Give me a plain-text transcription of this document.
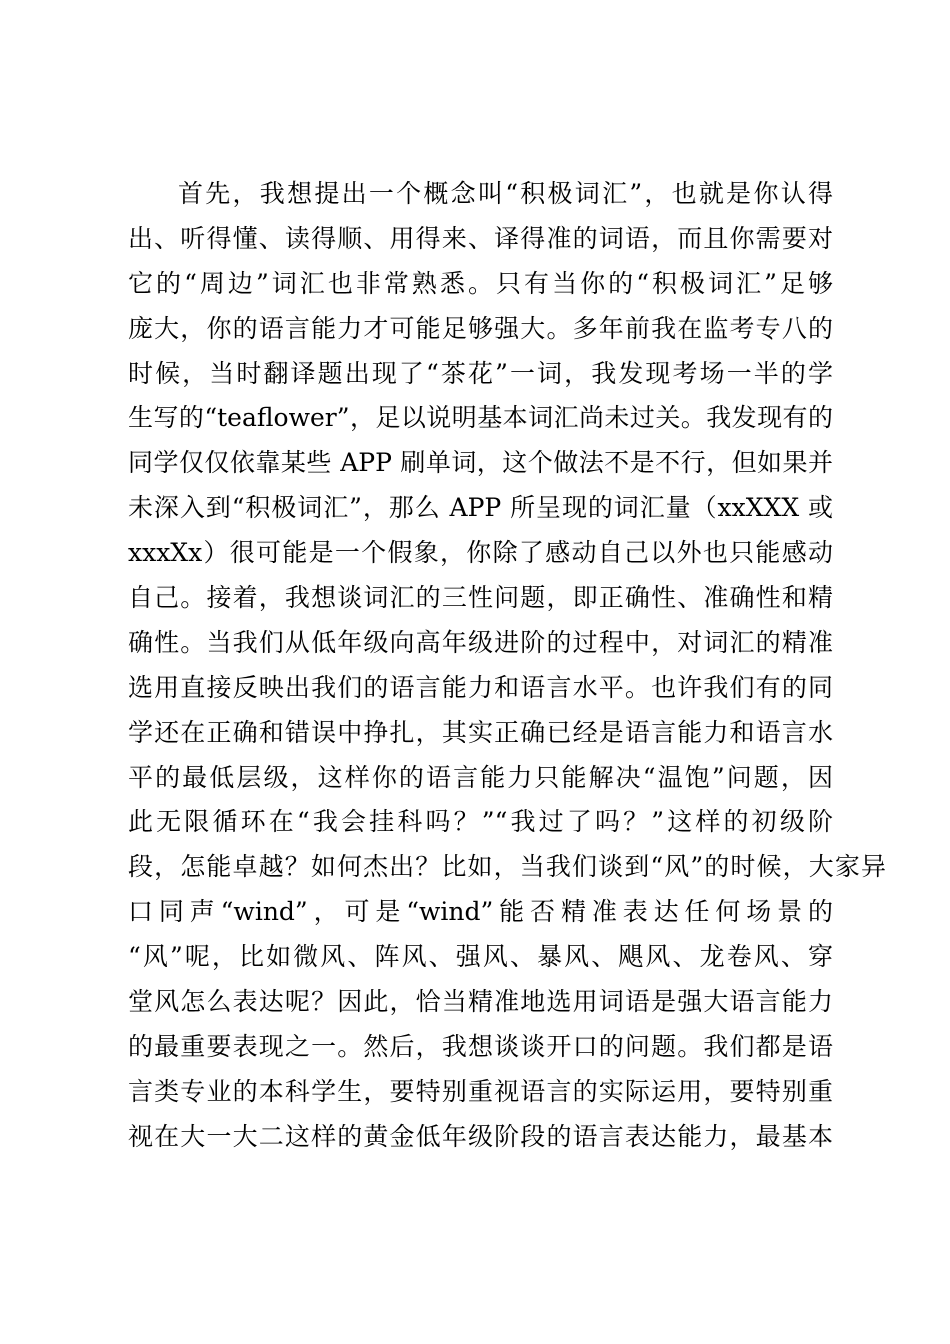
首先，我想提出一个概念叫“积极词汇”，也就是你认得
出、听得懂、读得顺、用得来、译得准的词语，而且你需要对
它的“周边”词汇也非常熟悉。只有当你的“积极词汇”足够
庞大，你的语言能力才可能足够强大。多年前我在监考专八的
时候，当时翻译题出现了“茶花”一词，我发现考场一半的学
生写的“teaflower”，足以说明基本词汇尚未过关。我发现有的
同学仅仅依靠某些 APP 刷单词，这个做法不是不行，但如果并
未深入到“积极词汇”，那么 APP 所呈现的词汇量（xxXXX 或
xxxXx）很可能是一个假象，你除了感动自己以外也只能感动
自己。接着，我想谈词汇的三性问题，即正确性、准确性和精
确性。当我们从低年级向高年级进阶的过程中，对词汇的精准
选用直接反映出我们的语言能力和语言水平。也许我们有的同
学还在正确和错误中挣扎，其实正确已经是语言能力和语言水
平的最低层级，这样你的语言能力只能解决“温饱”问题，因
此无限循环在“我会挂科吗？”“我过了吗？”这样的初级阶
段，怎能卓越？如何杰出？比如，当我们谈到“风”的时候，大家异
口同声“wind”，可是“wind”能否精准表达任何场景的
“风”呢，比如微风、阵风、强风、暴风、飓风、龙卷风、穿
堂风怎么表达呢？因此，恰当精准地选用词语是强大语言能力
的最重要表现之一。然后，我想谈谈开口的问题。我们都是语
言类专业的本科学生，要特别重视语言的实际运用，要特别重
视在大一大二这样的黄金低年级阶段的语言表达能力，最基本
